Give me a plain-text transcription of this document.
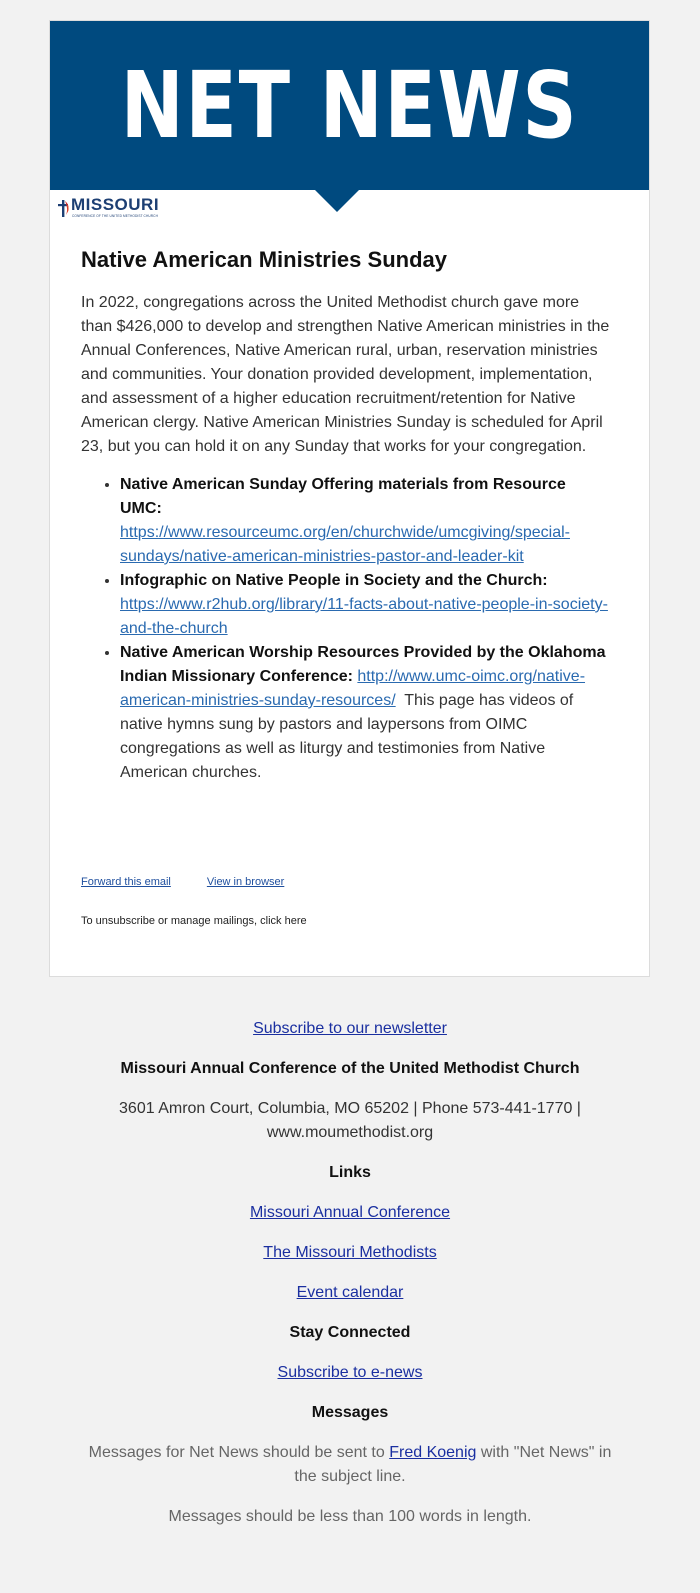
NET NEWS
MISSOURI
CONFERENCE OF THE UNITED METHODIST CHURCH
Native American Ministries Sunday

In 2022, congregations across the United Methodist church gave more than $426,000 to develop and strengthen Native American ministries in the Annual Conferences, Native American rural, urban, reservation ministries and communities. Your donation provided development, implementation, and assessment of a higher education recruitment/retention for Native American clergy. Native American Ministries Sunday is scheduled for April 23, but you can hold it on any Sunday that works for your congregation.

• Native American Sunday Offering materials from Resource UMC: https://www.resourceumc.org/en/churchwide/umcgiving/special-sundays/native-american-ministries-pastor-and-leader-kit
• Infographic on Native People in Society and the Church: https://www.r2hub.org/library/11-facts-about-native-people-in-society-and-the-church
• Native American Worship Resources Provided by the Oklahoma Indian Missionary Conference: http://www.umc-oimc.org/native-american-ministries-sunday-resources/ This page has videos of native hymns sung by pastors and laypersons from OIMC congregations as well as liturgy and testimonies from Native American churches.
Forward this email	View in browser
To unsubscribe or manage mailings, click here

Subscribe to our newsletter

Missouri Annual Conference of the United Methodist Church

3601 Amron Court, Columbia, MO 65202 | Phone 573-441-1770 | www.moumethodist.org

Links

Missouri Annual Conference

The Missouri Methodists

Event calendar

Stay Connected

Subscribe to e-news

Messages

Messages for Net News should be sent to Fred Koenig with "Net News" in the subject line.

Messages should be less than 100 words in length.
